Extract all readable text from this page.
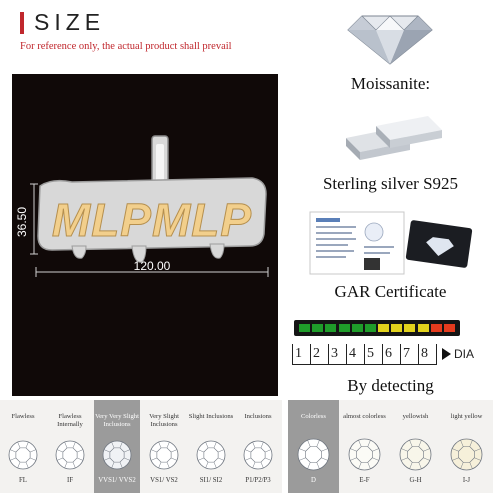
SIZE
For reference only, the actual product shall prevail
MLPMLP
36.50
120.00
Flawless
FL
Flawless Internally
IF
Very Very Slight Inclusions
VVS1/ VVS2
Very Slight Inclusions
VS1/ VS2
Slight Inclusions
SI1/ SI2
Inclusions
P1/P2/P3
Moissanite:
Sterling silver S925
GAR Certificate
1 2 3 4 5 6 7 8 DIA
By detecting
Colorless
D
almost colorless
E-F
yellowish
G-H
light yellow
I-J
